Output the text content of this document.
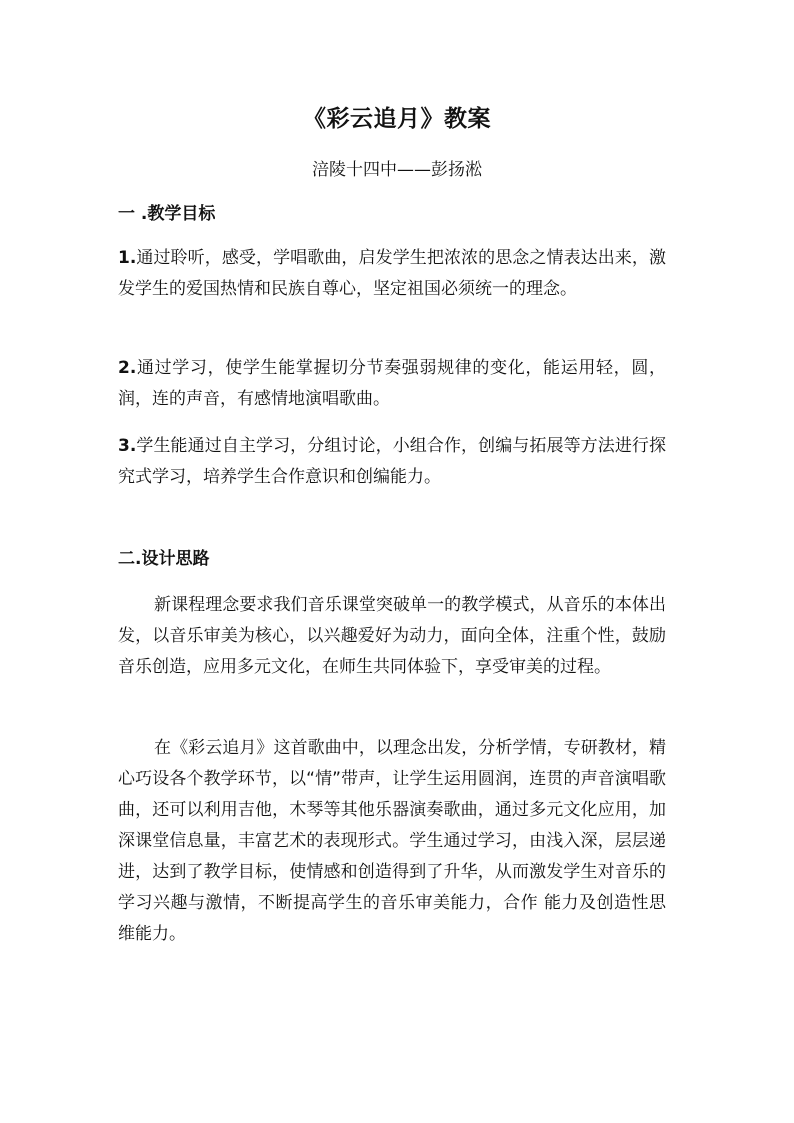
《彩云追月》教案
涪陵十四中——彭扬淞
一 .教学目标
1.通过聆听，感受，学唱歌曲，启发学生把浓浓的思念之情表达出来，激发学生的爱国热情和民族自尊心，坚定祖国必须统一的理念。
2.通过学习，使学生能掌握切分节奏强弱规律的变化，能运用轻，圆，润，连的声音，有感情地演唱歌曲。
3.学生能通过自主学习，分组讨论，小组合作，创编与拓展等方法进行探究式学习，培养学生合作意识和创编能力。
二.设计思路
新课程理念要求我们音乐课堂突破单一的教学模式，从音乐的本体出发，以音乐审美为核心，以兴趣爱好为动力，面向全体，注重个性，鼓励音乐创造，应用多元文化，在师生共同体验下，享受审美的过程。
在《彩云追月》这首歌曲中，以理念出发，分析学情，专研教材，精心巧设各个教学环节，以“情”带声，让学生运用圆润，连贯的声音演唱歌曲，还可以利用吉他，木琴等其他乐器演奏歌曲，通过多元文化应用，加深课堂信息量，丰富艺术的表现形式。学生通过学习，由浅入深，层层递进，达到了教学目标，使情感和创造得到了升华，从而激发学生对音乐的学习兴趣与激情，不断提高学生的音乐审美能力，合作 能力及创造性思维能力。
